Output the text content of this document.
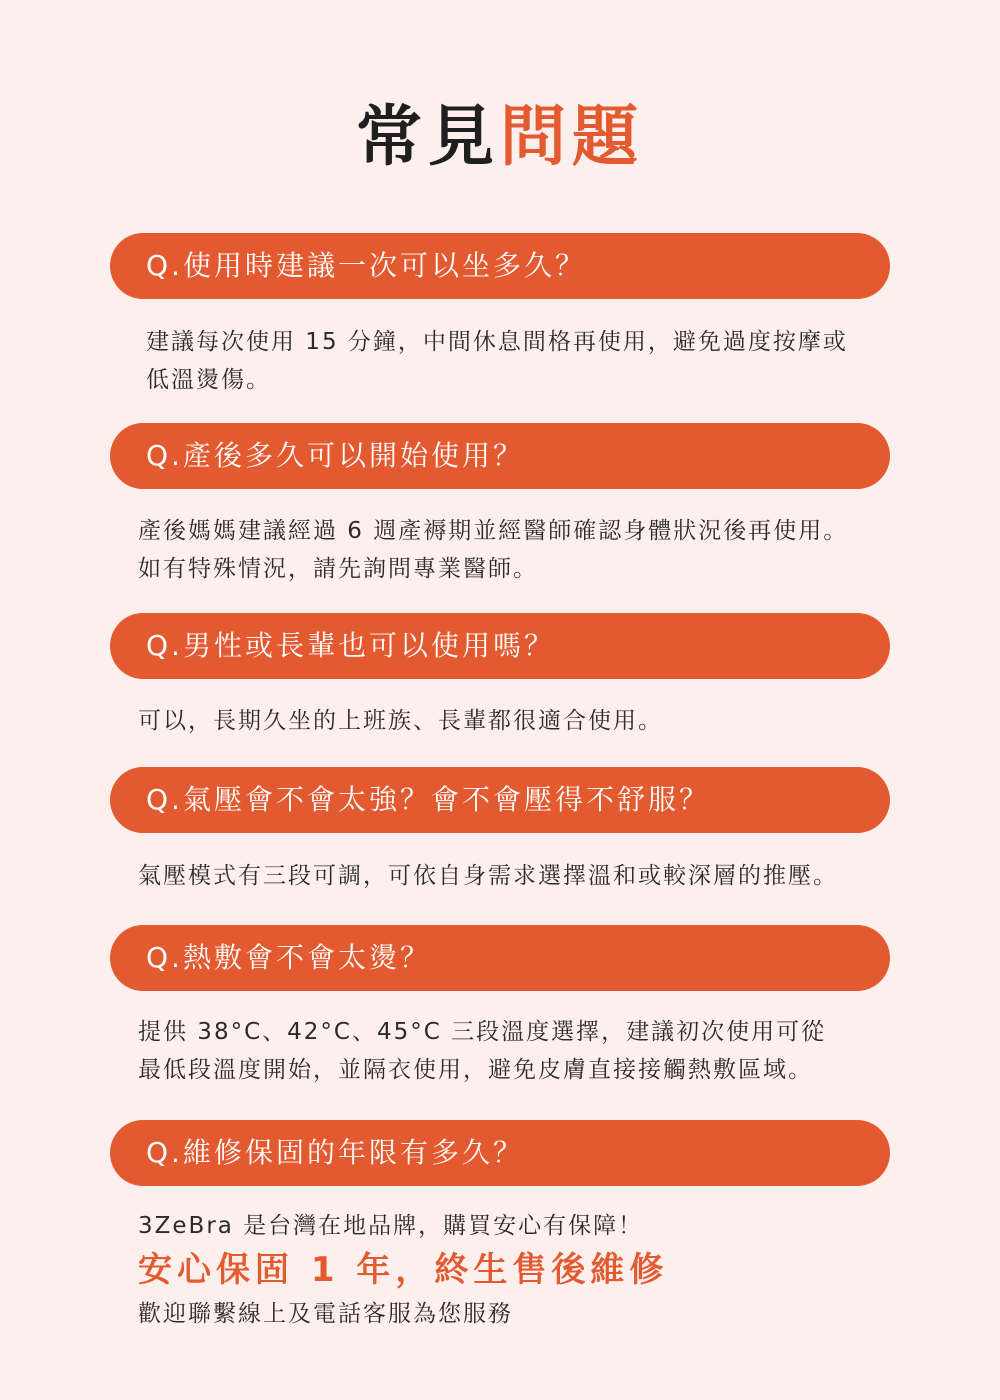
常見問題
Q.使用時建議一次可以坐多久？

建議每次使用 15 分鐘，中間休息間格再使用，避免過度按摩或

低溫燙傷。

Q.產後多久可以開始使用？

產後媽媽建議經過 6 週產褥期並經醫師確認身體狀況後再使用。

如有特殊情況，請先詢問專業醫師。

Q.男性或長輩也可以使用嗎？

可以，長期久坐的上班族、長輩都很適合使用。

Q.氣壓會不會太強？會不會壓得不舒服？

氣壓模式有三段可調，可依自身需求選擇溫和或較深層的推壓。

Q.熱敷會不會太燙？

提供 38°C、42°C、45°C 三段溫度選擇，建議初次使用可從

最低段溫度開始，並隔衣使用，避免皮膚直接接觸熱敷區域。

Q.維修保固的年限有多久？

3ZeBra 是台灣在地品牌，購買安心有保障！

安心保固 1 年，終生售後維修
歡迎聯繫線上及電話客服為您服務
